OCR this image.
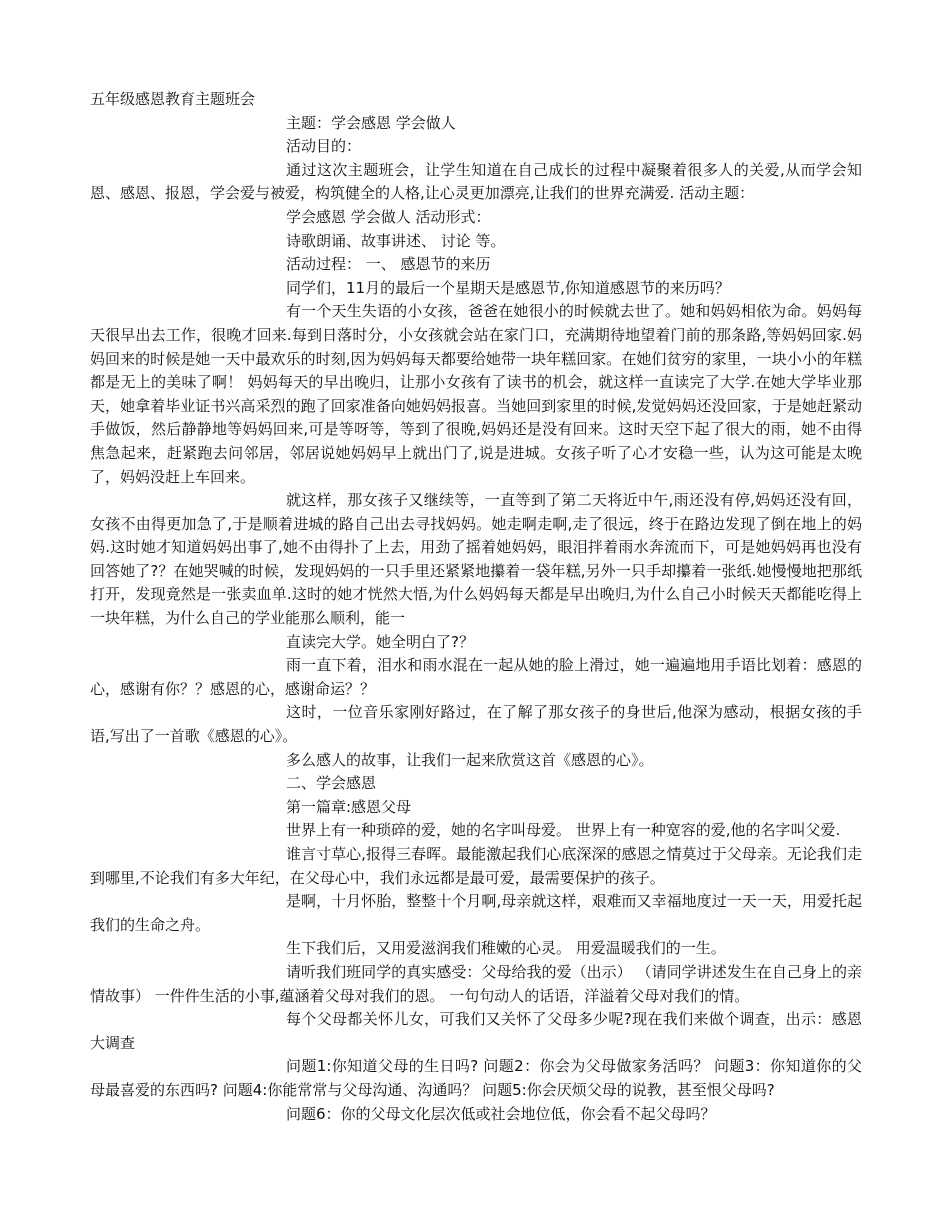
五年级感恩教育主题班会
主题：学会感恩 学会做人
活动目的：
通过这次主题班会，让学生知道在自己成长的过程中凝聚着很多人的关爱,从而学会知恩、感恩、报恩，学会爱与被爱，构筑健全的人格,让心灵更加漂亮,让我们的世界充满爱. 活动主题：
学会感恩 学会做人 活动形式：
诗歌朗诵、故事讲述、 讨论 等。
活动过程： 一、 感恩节的来历
同学们，11月的最后一个星期天是感恩节,你知道感恩节的来历吗？
有一个天生失语的小女孩，爸爸在她很小的时候就去世了。她和妈妈相依为命。妈妈每天很早出去工作，很晚才回来.每到日落时分，小女孩就会站在家门口，充满期待地望着门前的那条路,等妈妈回家.妈妈回来的时候是她一天中最欢乐的时刻,因为妈妈每天都要给她带一块年糕回家。在她们贫穷的家里，一块小小的年糕都是无上的美味了啊！ 妈妈每天的早出晚归，让那小女孩有了读书的机会，就这样一直读完了大学.在她大学毕业那天，她拿着毕业证书兴高采烈的跑了回家准备向她妈妈报喜。当她回到家里的时候,发觉妈妈还没回家，于是她赶紧动手做饭，然后静静地等妈妈回来,可是等呀等，等到了很晚,妈妈还是没有回来。这时天空下起了很大的雨，她不由得焦急起来，赶紧跑去问邻居，邻居说她妈妈早上就出门了,说是进城。女孩子听了心才安稳一些，认为这可能是太晚了，妈妈没赶上车回来。
就这样，那女孩子又继续等，一直等到了第二天将近中午,雨还没有停,妈妈还没有回，女孩不由得更加急了,于是顺着进城的路自己出去寻找妈妈。她走啊走啊,走了很远，终于在路边发现了倒在地上的妈妈.这时她才知道妈妈出事了,她不由得扑了上去，用劲了摇着她妈妈，眼泪拌着雨水奔流而下，可是她妈妈再也没有回答她了?？在她哭喊的时候，发现妈妈的一只手里还紧紧地攥着一袋年糕,另外一只手却攥着一张纸.她慢慢地把那纸打开，发现竟然是一张卖血单.这时的她才恍然大悟,为什么妈妈每天都是早出晚归,为什么自己小时候天天都能吃得上一块年糕，为什么自己的学业能那么顺利，能一
直读完大学。她全明白了?？
雨一直下着，泪水和雨水混在一起从她的脸上滑过，她一遍遍地用手语比划着：感恩的心，感谢有你？？感恩的心，感谢命运？？
这时，一位音乐家刚好路过，在了解了那女孩子的身世后,他深为感动，根据女孩的手语,写出了一首歌《感恩的心》。
多么感人的故事，让我们一起来欣赏这首《感恩的心》。
二、学会感恩
第一篇章:感恩父母
世界上有一种琐碎的爱，她的名字叫母爱。 世界上有一种宽容的爱,他的名字叫父爱.
谁言寸草心,报得三春晖。最能激起我们心底深深的感恩之情莫过于父母亲。无论我们走到哪里,不论我们有多大年纪，在父母心中，我们永远都是最可爱，最需要保护的孩子。
是啊，十月怀胎，整整十个月啊,母亲就这样，艰难而又幸福地度过一天一天，用爱托起我们的生命之舟。
生下我们后，又用爱滋润我们稚嫩的心灵。 用爱温暖我们的一生。
请听我们班同学的真实感受：父母给我的爱（出示） （请同学讲述发生在自己身上的亲情故事） 一件件生活的小事,蕴涵着父母对我们的恩。 一句句动人的话语，洋溢着父母对我们的情。
每个父母都关怀儿女，可我们又关怀了父母多少呢?现在我们来做个调查，出示：感恩大调查
问题1:你知道父母的生日吗? 问题2：你会为父母做家务活吗？ 问题3：你知道你的父母最喜爱的东西吗? 问题4:你能常常与父母沟通、沟通吗？ 问题5:你会厌烦父母的说教，甚至恨父母吗?
问题6：你的父母文化层次低或社会地位低，你会看不起父母吗？
